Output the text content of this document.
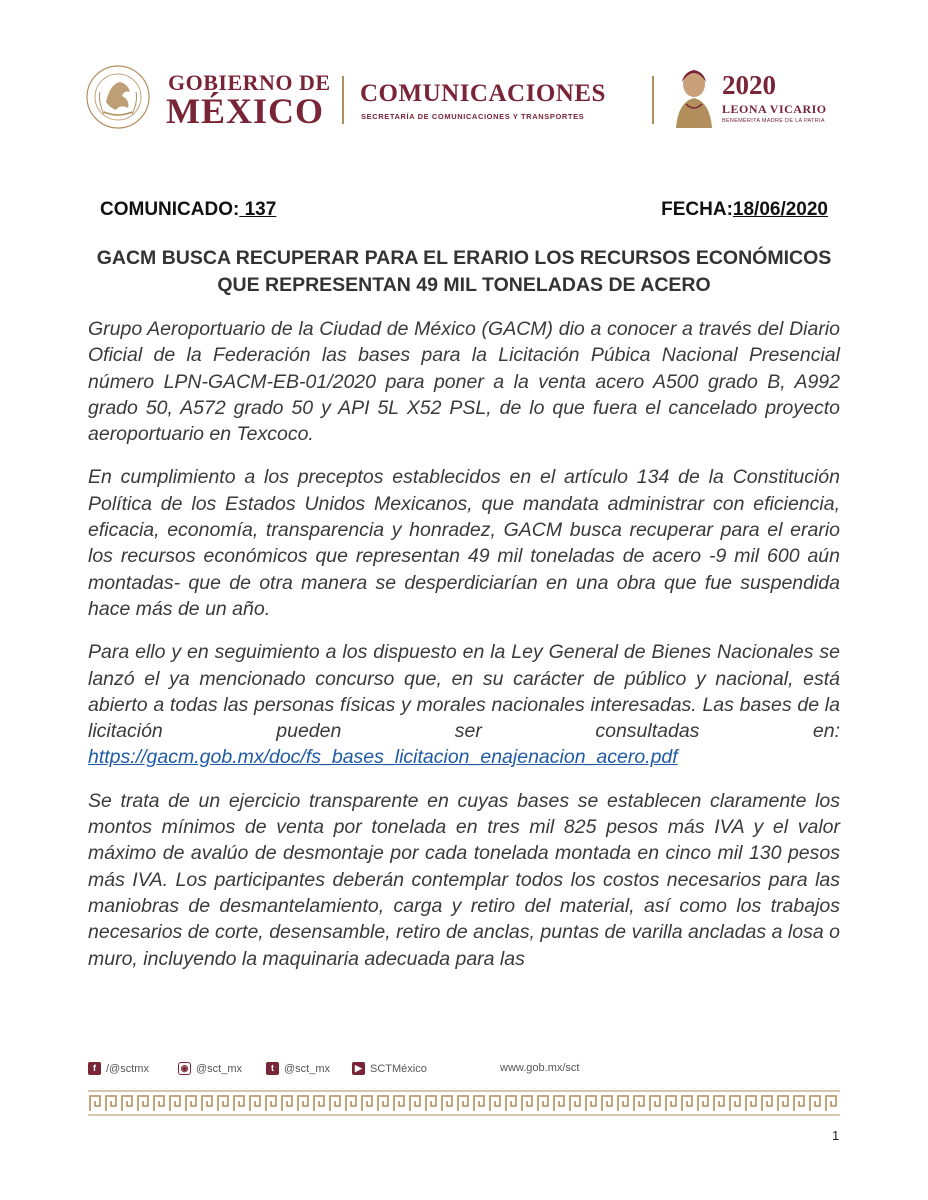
GOBIERNO DE
MÉXICO COMUNICACIONES
SECRETARÍA DE COMUNICACIONES Y TRANSPORTES
2020
LEONA VICARIO
BENEMÉRITA MADRE DE LA PATRIA
COMUNICADO: 137	FECHA:18/06/2020
GACM BUSCA RECUPERAR PARA EL ERARIO LOS RECURSOS ECONÓMICOS QUE REPRESENTAN 49 MIL TONELADAS DE ACERO

Grupo Aeroportuario de la Ciudad de México (GACM) dio a conocer a través del Diario Oficial de la Federación las bases para la Licitación Púbica Nacional Presencial número LPN-GACM-EB-01/2020 para poner a la venta acero A500 grado B, A992 grado 50, A572 grado 50 y API 5L X52 PSL, de lo que fuera el cancelado proyecto aeroportuario en Texcoco.

En cumplimiento a los preceptos establecidos en el artículo 134 de la Constitución Política de los Estados Unidos Mexicanos, que mandata administrar con eficiencia, eficacia, economía, transparencia y honradez, GACM busca recuperar para el erario los recursos económicos que representan 49 mil toneladas de acero -9 mil 600 aún montadas- que de otra manera se desperdiciarían en una obra que fue suspendida hace más de un año.

Para ello y en seguimiento a los dispuesto en la Ley General de Bienes Nacionales se lanzó el ya mencionado concurso que, en su carácter de público y nacional, está abierto a todas las personas físicas y morales nacionales interesadas. Las bases de la licitación pueden ser consultadas en: https://gacm.gob.mx/doc/fs_bases_licitacion_enajenacion_acero.pdf

Se trata de un ejercicio transparente en cuyas bases se establecen claramente los montos mínimos de venta por tonelada en tres mil 825 pesos más IVA y el valor máximo de avalúo de desmontaje por cada tonelada montada en cinco mil 130 pesos más IVA. Los participantes deberán contemplar todos los costos necesarios para las maniobras de desmantelamiento, carga y retiro del material, así como los trabajos necesarios de corte, desensamble, retiro de anclas, puntas de varilla ancladas a losa o muro, incluyendo la maquinaria adecuada para las

f /@sctmx	◉ @sct_mx	t @sct_mx	▶ SCTMéxico	www.gob.mx/sct
1
